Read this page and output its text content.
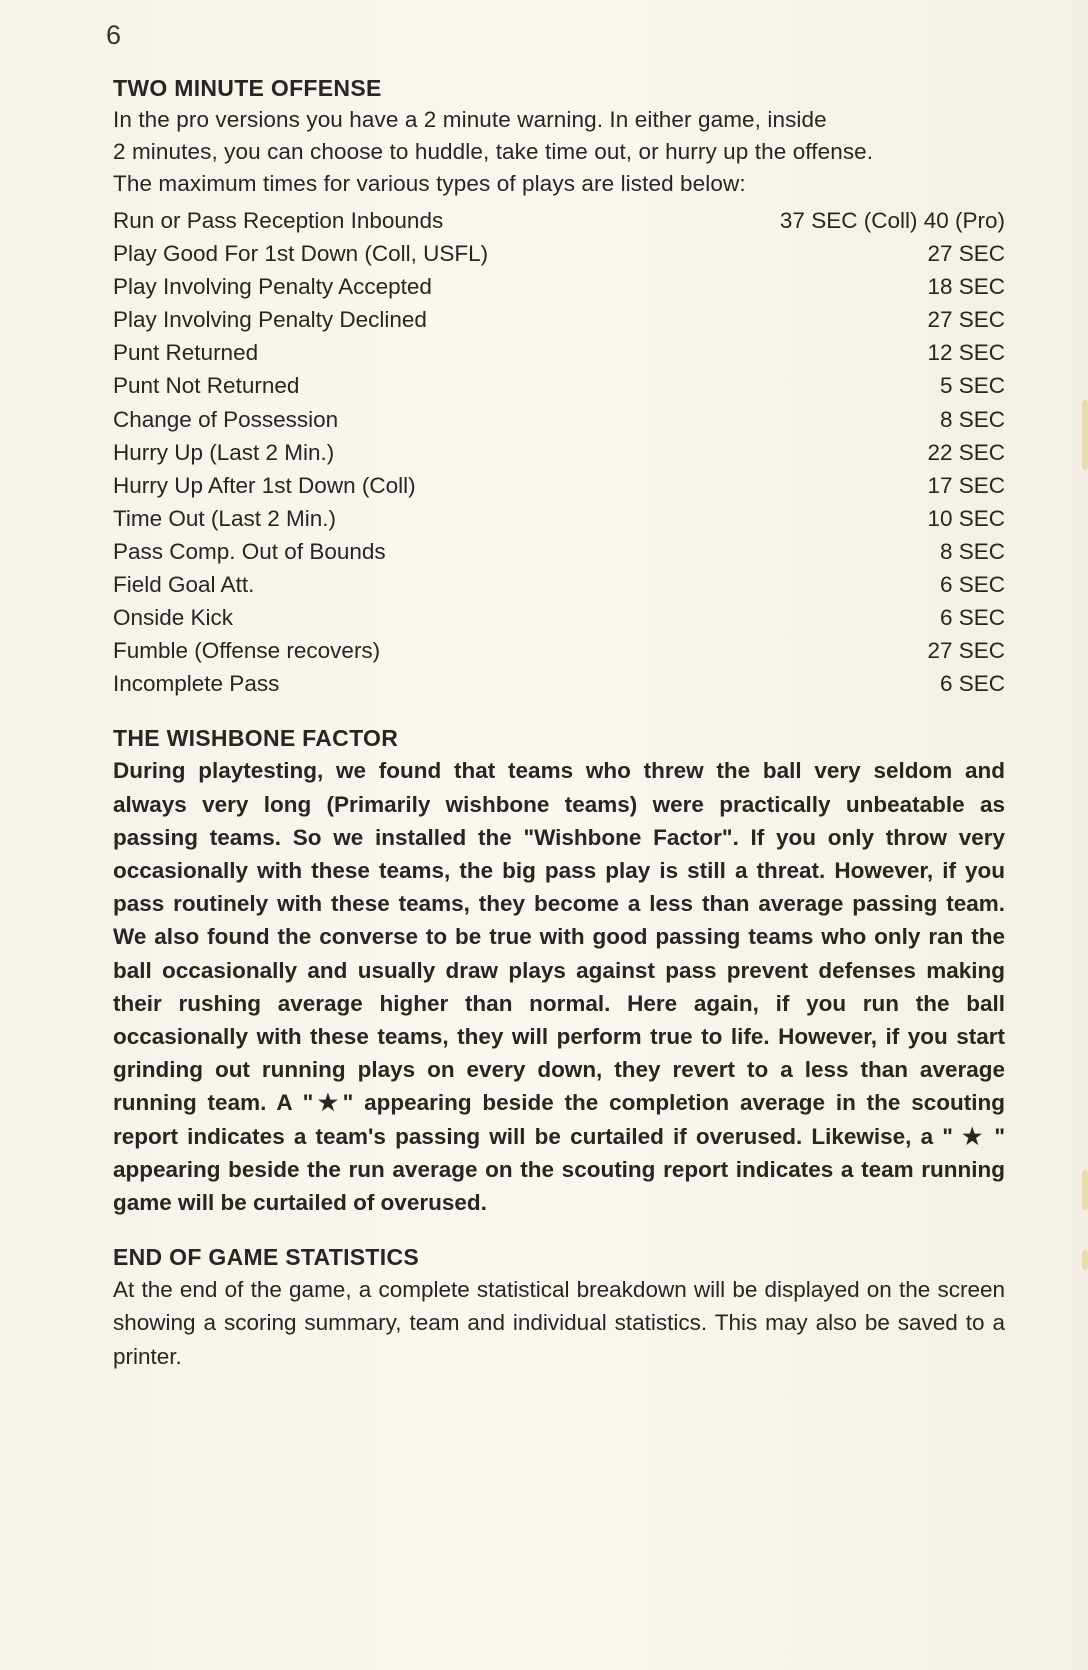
6
TWO MINUTE OFFENSE

In the pro versions you have a 2 minute warning. In either game, inside

2 minutes, you can choose to huddle, take time out, or hurry up the offense.

The maximum times for various types of plays are listed below:

Run or Pass Reception Inbounds	37 SEC (Coll) 40 (Pro)
Play Good For 1st Down (Coll, USFL)	27 SEC
Play Involving Penalty Accepted	18 SEC
Play Involving Penalty Declined	27 SEC
Punt Returned	12 SEC
Punt Not Returned	5 SEC
Change of Possession	8 SEC
Hurry Up (Last 2 Min.)	22 SEC
Hurry Up After 1st Down (Coll)	17 SEC
Time Out (Last 2 Min.)	10 SEC
Pass Comp. Out of Bounds	8 SEC
Field Goal Att.	6 SEC
Onside Kick	6 SEC
Fumble (Offense recovers)	27 SEC
Incomplete Pass	6 SEC
THE WISHBONE FACTOR

During playtesting, we found that teams who threw the ball very seldom and always very long (Primarily wishbone teams) were practically unbeatable as passing teams. So we installed the "Wishbone Factor". If you only throw very occasionally with these teams, the big pass play is still a threat. However, if you pass routinely with these teams, they become a less than average passing team. We also found the converse to be true with good passing teams who only ran the ball occasionally and usually draw plays against pass prevent defenses making their rushing average higher than normal. Here again, if you run the ball occasionally with these teams, they will perform true to life. However, if you start grinding out running plays on every down, they revert to a less than average running team. A "★" appearing beside the completion average in the scouting report indicates a team's passing will be curtailed if overused. Likewise, a " ★ " appearing beside the run average on the scouting report indicates a team running game will be curtailed of overused.

END OF GAME STATISTICS

At the end of the game, a complete statistical breakdown will be displayed on the screen showing a scoring summary, team and individual statistics. This may also be saved to a printer.
